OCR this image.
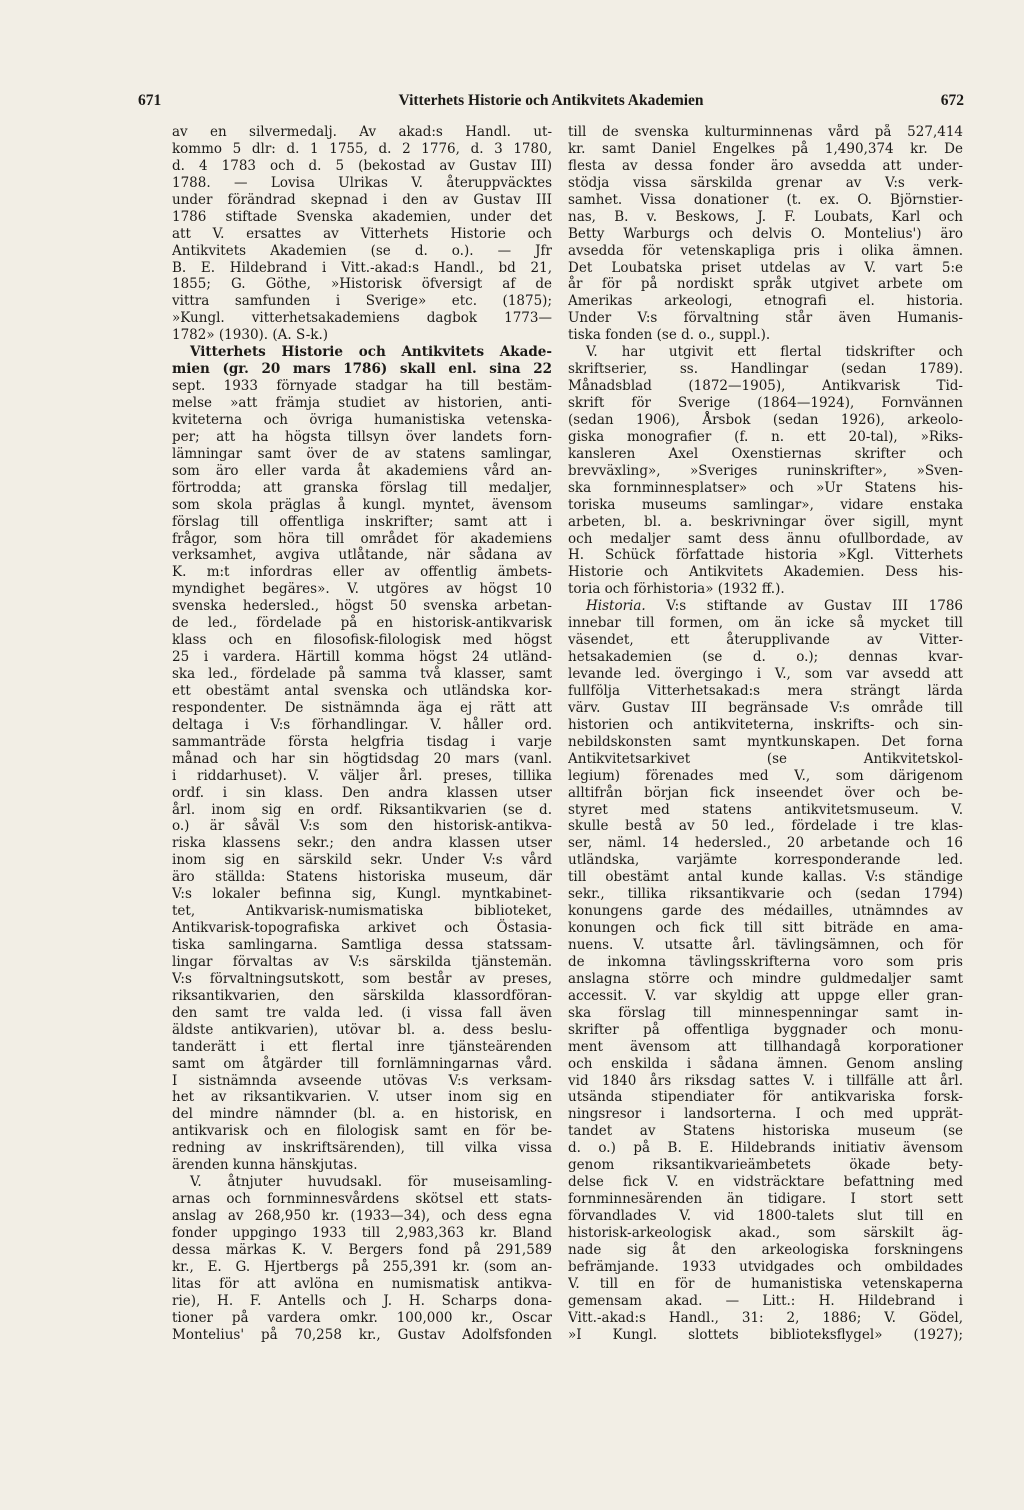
671	Vitterhets Historie och Antikvitets Akademien	672
av en silvermedalj. Av akad:s Handl. ut-
kommo 5 dlr: d. 1 1755, d. 2 1776, d. 3 1780,
d. 4 1783 och d. 5 (bekostad av Gustav III)
1788. — Lovisa Ulrikas V. återuppväcktes
under förändrad skepnad i den av Gustav III
1786 stiftade Svenska akademien, under det
att V. ersattes av Vitterhets Historie och
Antikvitets Akademien (se d. o.). — Jfr
B. E. Hildebrand i Vitt.-akad:s Handl., bd 21,
1855; G. Göthe, »Historisk öfversigt af de
vittra samfunden i Sverige» etc. (1875);
»Kungl. vitterhetsakademiens dagbok 1773—
1782» (1930). (A. S-k.)
Vitterhets Historie och Antikvitets Akade-
mien (gr. 20 mars 1786) skall enl. sina 22
sept. 1933 förnyade stadgar ha till bestäm-
melse »att främja studiet av historien, anti-
kviteterna och övriga humanistiska vetenska-
per; att ha högsta tillsyn över landets forn-
lämningar samt över de av statens samlingar,
som äro eller varda åt akademiens vård an-
förtrodda; att granska förslag till medaljer,
som skola präglas å kungl. myntet, ävensom
förslag till offentliga inskrifter; samt att i
frågor, som höra till området för akademiens
verksamhet, avgiva utlåtande, när sådana av
K. m:t infordras eller av offentlig ämbets-
myndighet begäres». V. utgöres av högst 10
svenska hedersled., högst 50 svenska arbetan-
de led., fördelade på en historisk-antikvarisk
klass och en filosofisk-filologisk med högst
25 i vardera. Härtill komma högst 24 utländ-
ska led., fördelade på samma två klasser, samt
ett obestämt antal svenska och utländska kor-
respondenter. De sistnämnda äga ej rätt att
deltaga i V:s förhandlingar. V. håller ord.
sammanträde första helgfria tisdag i varje
månad och har sin högtidsdag 20 mars (vanl.
i riddarhuset). V. väljer årl. preses, tillika
ordf. i sin klass. Den andra klassen utser
årl. inom sig en ordf. Riksantikvarien (se d.
o.) är såväl V:s som den historisk-antikva-
riska klassens sekr.; den andra klassen utser
inom sig en särskild sekr. Under V:s vård
äro ställda: Statens historiska museum, där
V:s lokaler befinna sig, Kungl. myntkabinet-
tet, Antikvarisk-numismatiska biblioteket,
Antikvarisk-topografiska arkivet och Östasia-
tiska samlingarna. Samtliga dessa statssam-
lingar förvaltas av V:s särskilda tjänstemän.
V:s förvaltningsutskott, som består av preses,
riksantikvarien, den särskilda klassordföran-
den samt tre valda led. (i vissa fall även
äldste antikvarien), utövar bl. a. dess beslu-
tanderätt i ett flertal inre tjänsteärenden
samt om åtgärder till fornlämningarnas vård.
I sistnämnda avseende utövas V:s verksam-
het av riksantikvarien. V. utser inom sig en
del mindre nämnder (bl. a. en historisk, en
antikvarisk och en filologisk samt en för be-
redning av inskriftsärenden), till vilka vissa
ärenden kunna hänskjutas.
V. åtnjuter huvudsakl. för museisamling-
arnas och fornminnesvårdens skötsel ett stats-
anslag av 268,950 kr. (1933—34), och dess egna
fonder uppgingo 1933 till 2,983,363 kr. Bland
dessa märkas K. V. Bergers fond på 291,589
kr., E. G. Hjertbergs på 255,391 kr. (som an-
litas för att avlöna en numismatisk antikva-
rie), H. F. Antells och J. H. Scharps dona-
tioner på vardera omkr. 100,000 kr., Oscar
Montelius' på 70,258 kr., Gustav Adolfsfonden
till de svenska kulturminnenas vård på 527,414
kr. samt Daniel Engelkes på 1,490,374 kr. De
flesta av dessa fonder äro avsedda att under-
stödja vissa särskilda grenar av V:s verk-
samhet. Vissa donationer (t. ex. O. Björnstier-
nas, B. v. Beskows, J. F. Loubats, Karl och
Betty Warburgs och delvis O. Montelius') äro
avsedda för vetenskapliga pris i olika ämnen.
Det Loubatska priset utdelas av V. vart 5:e
år för på nordiskt språk utgivet arbete om
Amerikas arkeologi, etnografi el. historia.
Under V:s förvaltning står även Humanis-
tiska fonden (se d. o., suppl.).
V. har utgivit ett flertal tidskrifter och
skriftserier, ss. Handlingar (sedan 1789).
Månadsblad (1872—1905), Antikvarisk Tid-
skrift för Sverige (1864—1924), Fornvännen
(sedan 1906), Årsbok (sedan 1926), arkeolo-
giska monografier (f. n. ett 20-tal), »Riks-
kansleren Axel Oxenstiernas skrifter och
brevväxling», »Sveriges runinskrifter», »Sven-
ska fornminnesplatser» och »Ur Statens his-
toriska museums samlingar», vidare enstaka
arbeten, bl. a. beskrivningar över sigill, mynt
och medaljer samt dess ännu ofullbordade, av
H. Schück författade historia »Kgl. Vitterhets
Historie och Antikvitets Akademien. Dess his-
toria och förhistoria» (1932 ff.).
Historia. V:s stiftande av Gustav III 1786
innebar till formen, om än icke så mycket till
väsendet, ett återupplivande av Vitter-
hetsakademien (se d. o.); dennas kvar-
levande led. övergingo i V., som var avsedd att
fullfölja Vitterhetsakad:s mera strängt lärda
värv. Gustav III begränsade V:s område till
historien och antikviteterna, inskrifts- och sin-
nebildskonsten samt myntkunskapen. Det forna
Antikvitetsarkivet (se Antikvitetskol-
legium) förenades med V., som därigenom
alltifrån början fick inseendet över och be-
styret med statens antikvitetsmuseum. V.
skulle bestå av 50 led., fördelade i tre klas-
ser, näml. 14 hedersled., 20 arbetande och 16
utländska, varjämte korresponderande led.
till obestämt antal kunde kallas. V:s ständige
sekr., tillika riksantikvarie och (sedan 1794)
konungens garde des médailles, utnämndes av
konungen och fick till sitt biträde en ama-
nuens. V. utsatte årl. tävlingsämnen, och för
de inkomna tävlingsskrifterna voro som pris
anslagna större och mindre guldmedaljer samt
accessit. V. var skyldig att uppge eller gran-
ska förslag till minnespenningar samt in-
skrifter på offentliga byggnader och monu-
ment ävensom att tillhandagå korporationer
och enskilda i sådana ämnen. Genom ansling
vid 1840 års riksdag sattes V. i tillfälle att årl.
utsända stipendiater för antikvariska forsk-
ningsresor i landsorterna. I och med upprät-
tandet av Statens historiska museum (se
d. o.) på B. E. Hildebrands initiativ ävensom
genom riksantikvarieämbetets ökade bety-
delse fick V. en vidsträcktare befattning med
fornminnesärenden än tidigare. I stort sett
förvandlades V. vid 1800-talets slut till en
historisk-arkeologisk akad., som särskilt äg-
nade sig åt den arkeologiska forskningens
befrämjande. 1933 utvidgades och ombildades
V. till en för de humanistiska vetenskaperna
gemensam akad. — Litt.: H. Hildebrand i
Vitt.-akad:s Handl., 31: 2, 1886; V. Gödel,
»I Kungl. slottets biblioteksflygel» (1927);
